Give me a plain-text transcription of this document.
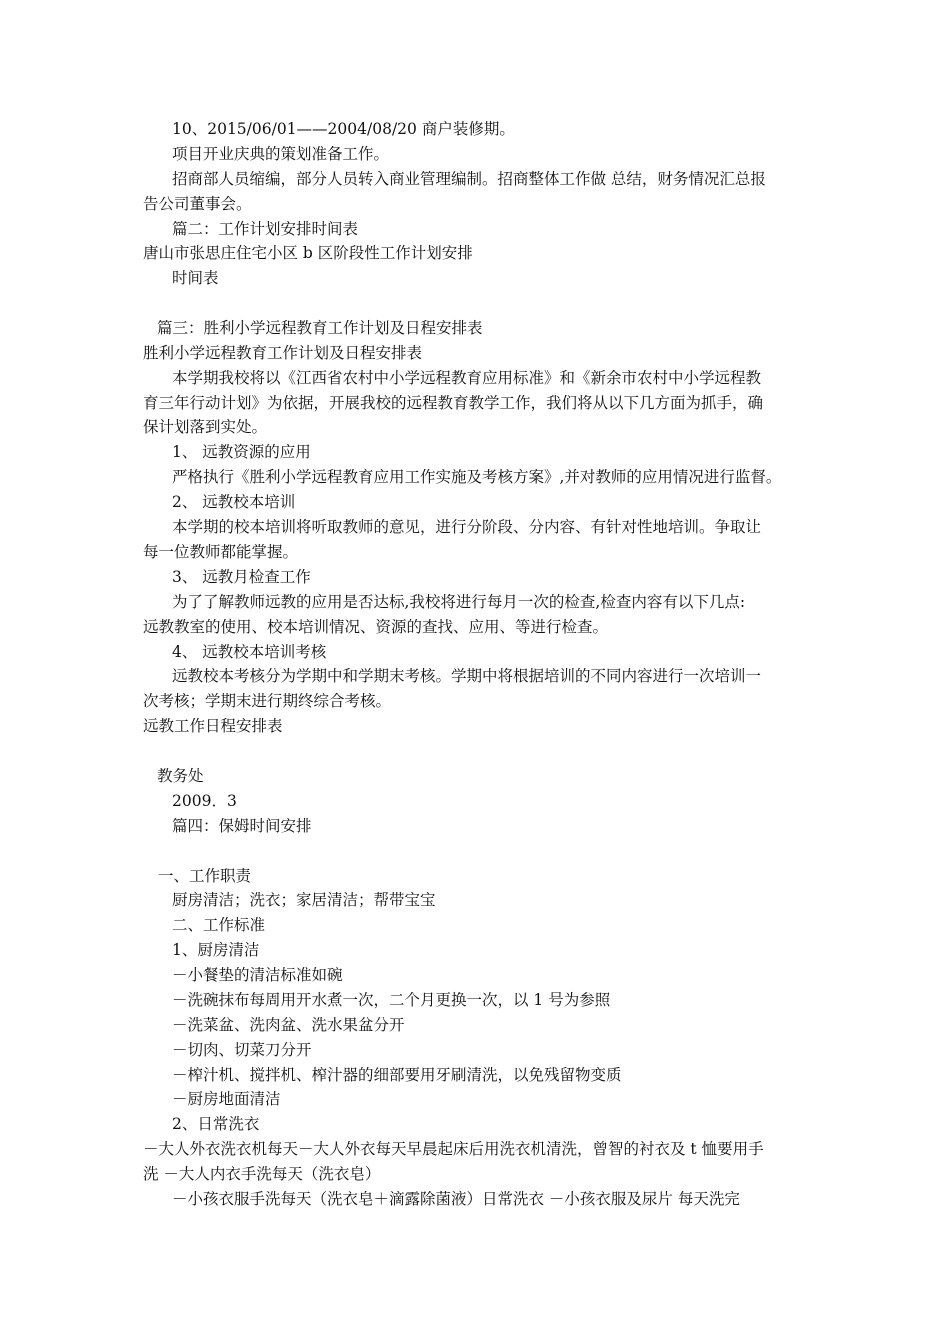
10、2015/06/01——2004/08/20 商户装修期。
项目开业庆典的策划准备工作。
招商部人员缩编，部分人员转入商业管理编制。招商整体工作做 总结，财务情况汇总报
告公司董事会。
篇二：工作计划安排时间表
唐山市张思庄住宅小区 b 区阶段性工作计划安排
时间表
篇三：胜利小学远程教育工作计划及日程安排表
胜利小学远程教育工作计划及日程安排表
本学期我校将以《江西省农村中小学远程教育应用标准》和《新余市农村中小学远程教
育三年行动计划》为依据，开展我校的远程教育教学工作，我们将从以下几方面为抓手，确
保计划落到实处。
1、 远教资源的应用
严格执行《胜利小学远程教育应用工作实施及考核方案》,并对教师的应用情况进行监督。
2、 远教校本培训
本学期的校本培训将听取教师的意见，进行分阶段、分内容、有针对性地培训。争取让
每一位教师都能掌握。
3、 远教月检查工作
为了了解教师远教的应用是否达标,我校将进行每月一次的检查,检查内容有以下几点:
远教教室的使用、校本培训情况、资源的查找、应用、等进行检查。
4、 远教校本培训考核
远教校本考核分为学期中和学期末考核。学期中将根据培训的不同内容进行一次培训一
次考核；学期末进行期终综合考核。
远教工作日程安排表
教务处
2009．3
篇四：保姆时间安排
一、工作职责
厨房清洁；洗衣；家居清洁；帮带宝宝
二、工作标准
1、厨房清洁
－小餐垫的清洁标准如碗
－洗碗抹布每周用开水煮一次，二个月更换一次，以 1 号为参照
－洗菜盆、洗肉盆、洗水果盆分开
－切肉、切菜刀分开
－榨汁机、搅拌机、榨汁器的细部要用牙刷清洗，以免残留物变质
－厨房地面清洁
2、日常洗衣
－大人外衣洗衣机每天－大人外衣每天早晨起床后用洗衣机清洗，曾智的衬衣及 t 恤要用手
洗 －大人内衣手洗每天（洗衣皂）
－小孩衣服手洗每天（洗衣皂＋滴露除菌液）日常洗衣 －小孩衣服及尿片 每天洗完
